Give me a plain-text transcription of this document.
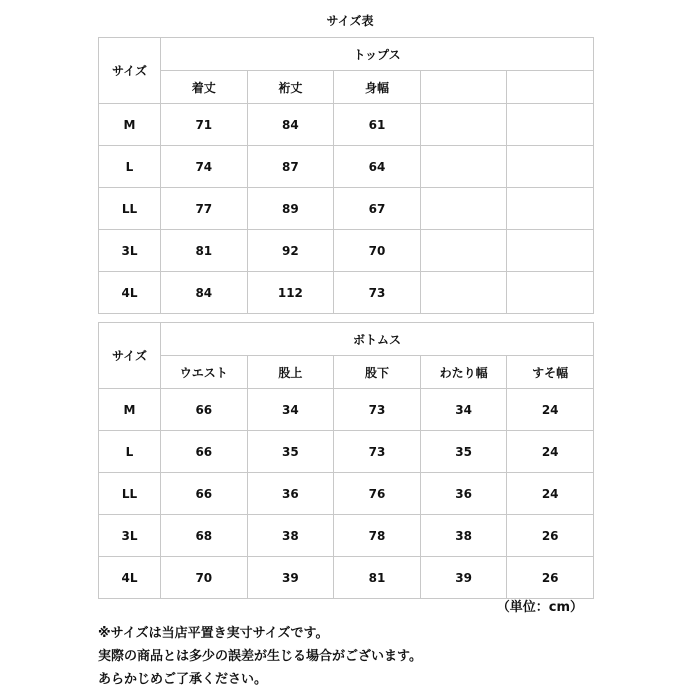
サイズ表
サイズ	トップス				
	着丈	裄丈	身幅		
M	71	84	61		
L	74	87	64		
LL	77	89	67		
3L	81	92	70		
4L	84	112	73		
サイズ	ボトムス				
	ウエスト	股上	股下	わたり幅	すそ幅
M	66	34	73	34	24
L	66	35	73	35	24
LL	66	36	76	36	24
3L	68	38	78	38	26
4L	70	39	81	39	26
（単位：cm）
※サイズは当店平置き実寸サイズです。
実際の商品とは多少の誤差が生じる場合がございます。
あらかじめご了承ください。
